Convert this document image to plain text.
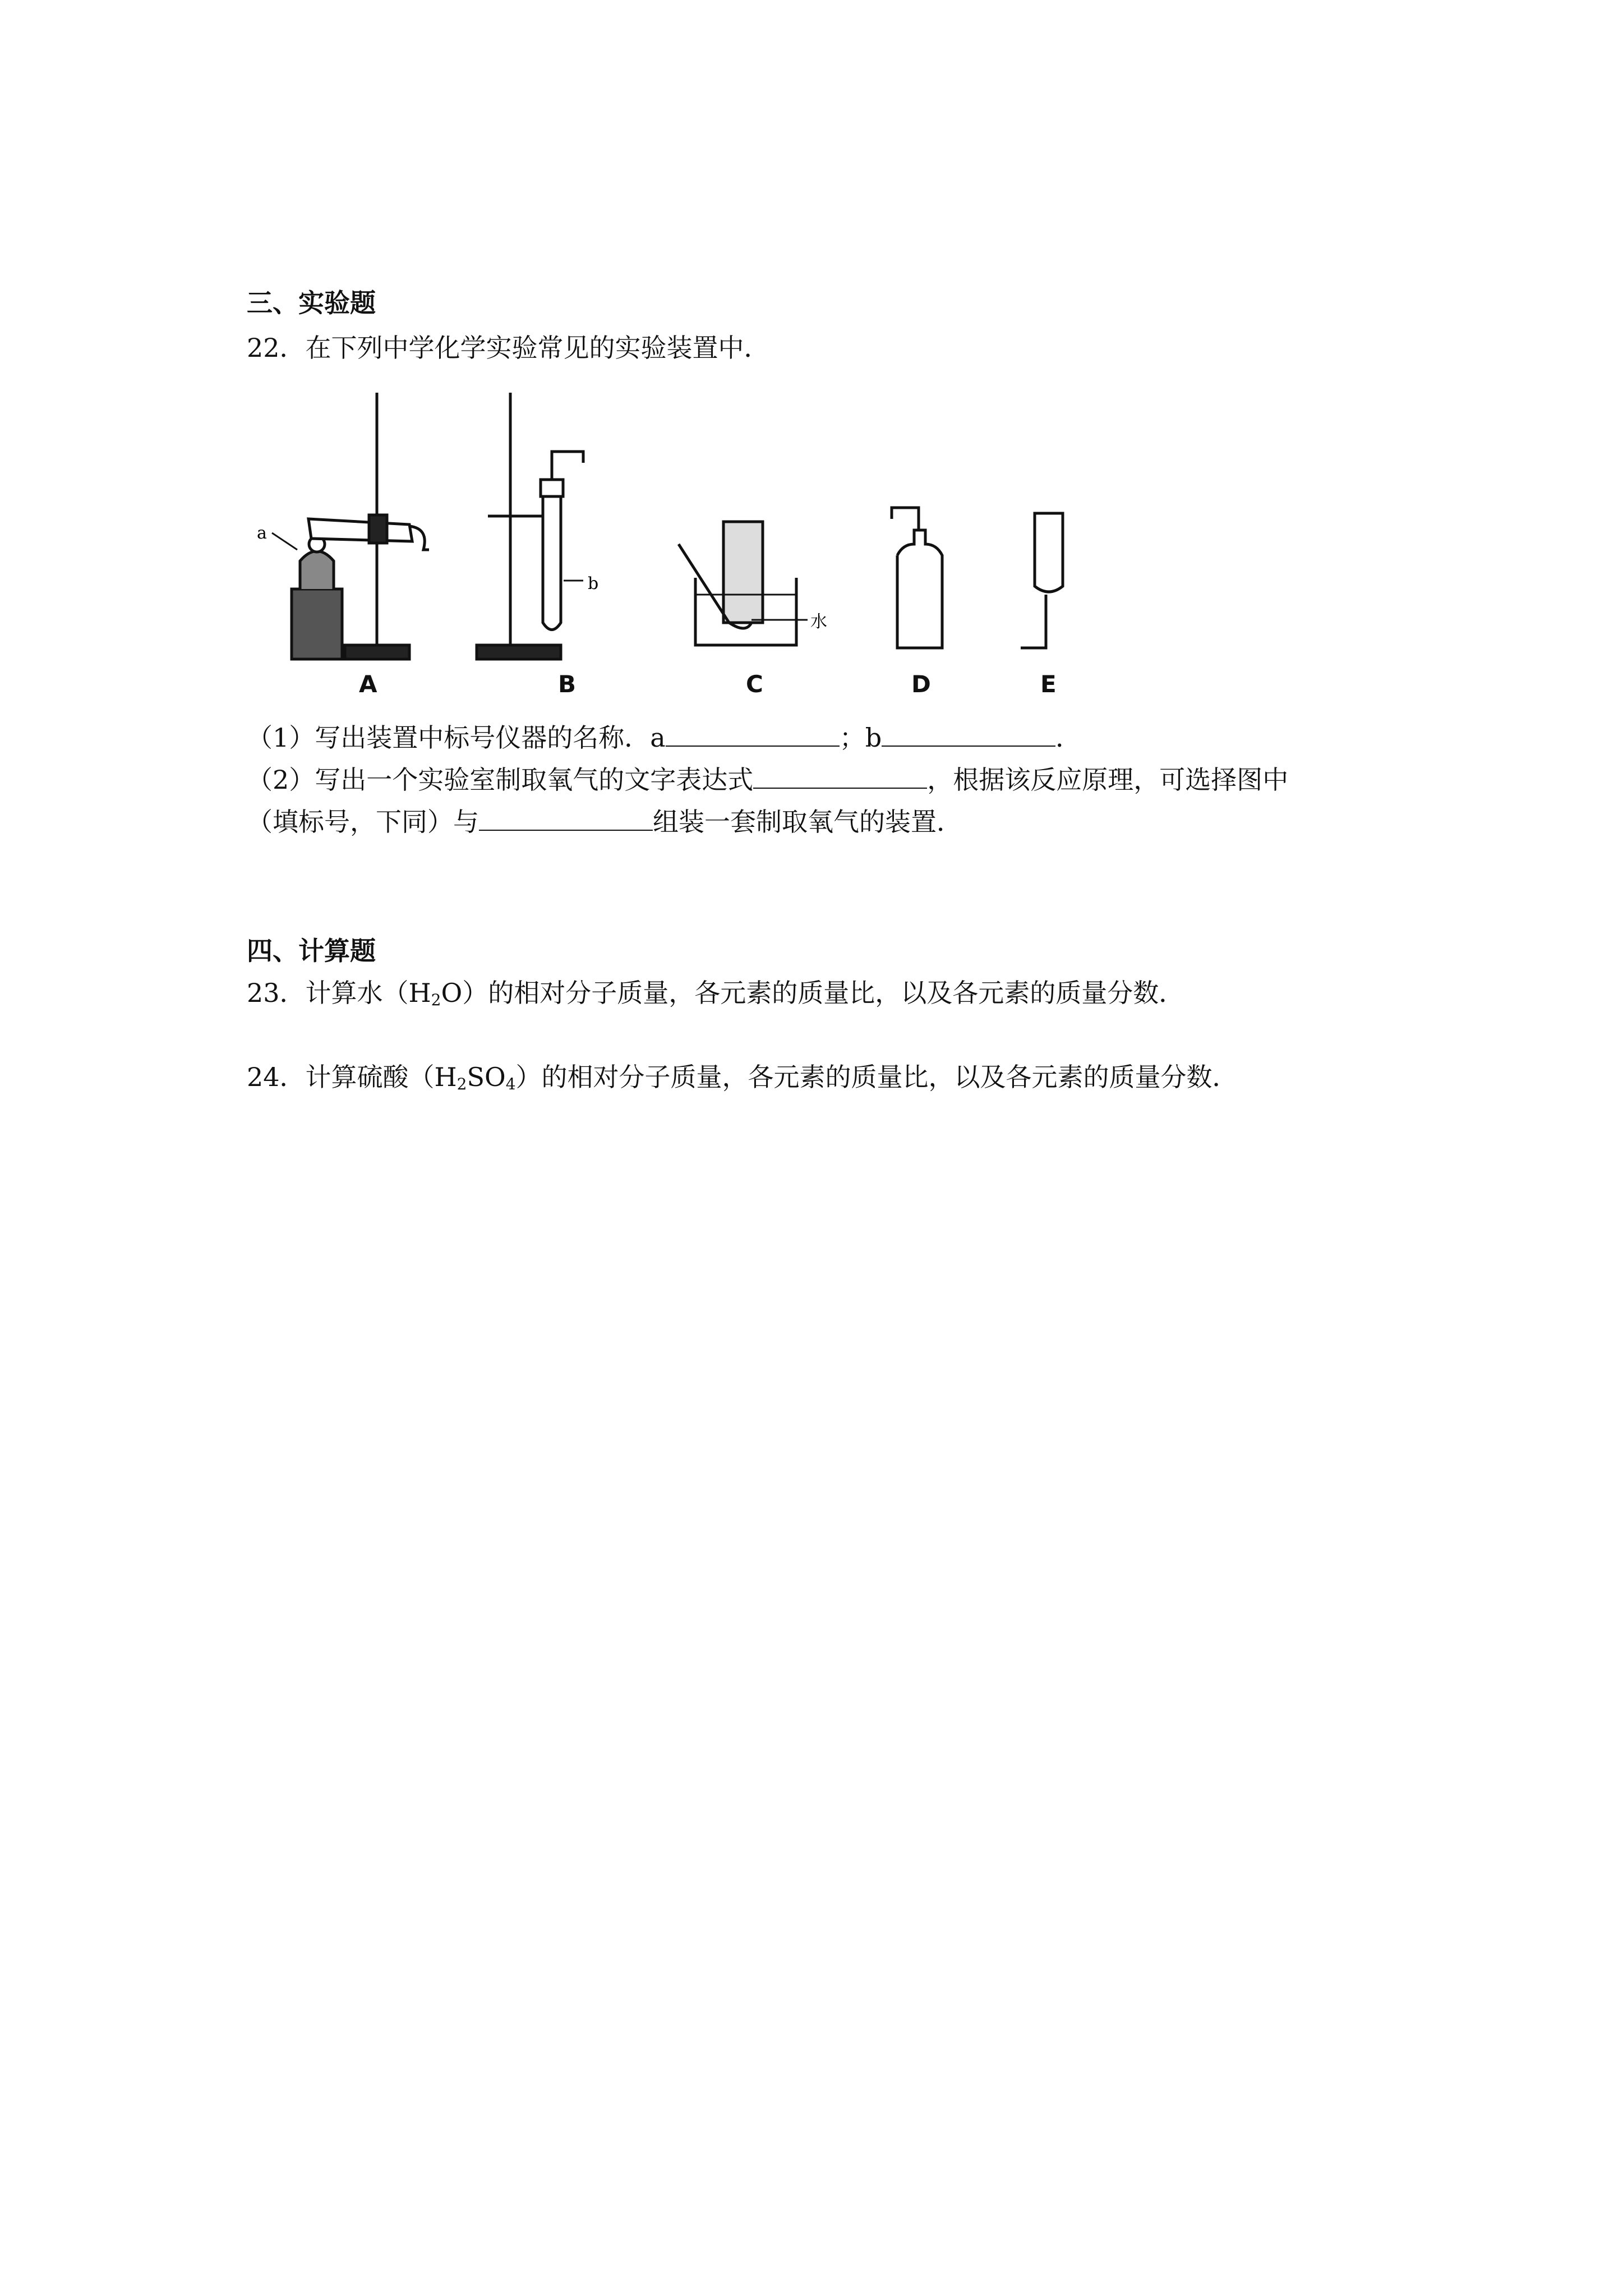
三、实验题
22．在下列中学化学实验常见的实验装置中．
a
b
水
A	B	C	D	E
（1）写出装置中标号仪器的名称．a	；b	．
（2）写出一个实验室制取氧气的文字表达式	，根据该反应原理，可选择图中
（填标号，下同）与	组装一套制取氧气的装置．
四、计算题
23．计算水$(H_2O)$的相对分子质量，各元素的质量比，以及各元素的质量分数．
24．计算硫酸$(H_2SO_4)$的相对分子质量，各元素的质量比，以及各元素的质量分数．
